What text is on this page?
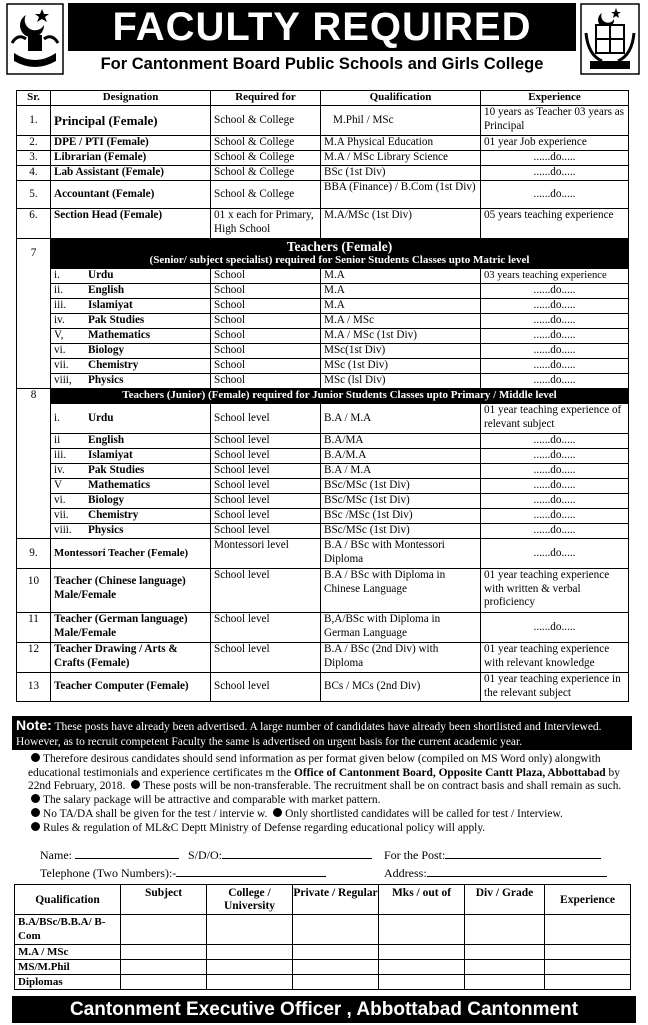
FACULTY REQUIRED
For Cantonment Board Public Schools and Girls College
Sr.	Designation	Required for	Qualification	Experience
1.	Principal (Female)	School & College	M.Phil / MSc	10 years as Teacher 03 years as Principal
2.	DPE / PTI (Female)	School & College	M.A Physical Education	01 year Job experience
3.	Librarian (Female)	School & College	M.A / MSc Library Science	......do.....
4.	Lab Assistant (Female)	School & College	BSc (1st Div)	......do.....
5.	Accountant (Female)	School & College	BBA (Finance) / B.Com (1st Div)	......do.....
6.	Section Head (Female)	01 x each for Primary, High School	M.A/MSc (1st Div)	05 years teaching experience
7	Teachers (Female)
(Senior/ subject specialist) required for Senior Students Classes upto Matric level			

	i. Urdu	School	M.A	03 years teaching experience
	ii. English	School	M.A	......do.....
	iii. Islamiyat	School	M.A	......do.....
	iv. Pak Studies	School	M.A / MSc	......do.....
	V, Mathematics	School	M.A / MSc (1st Div)	......do.....
	vi. Biology	School	MSc(1st Div)	......do.....
	vii. Chemistry	School	MSc (1st Div)	......do.....
	viii, Physics	School	MSc (lsl Div)	......do.....
8	Teachers (Junior) (Female) required for Junior Students Classes upto Primary / Middle level			

	i. Urdu	School level	B.A / M.A	01 year teaching experience of relevant subject
	ii English	School level	B.A/MA	......do.....
	iii. Islamiyat	School level	B.A/M.A	......do.....
	iv. Pak Studies	School level	B.A / M.A	......do.....
	V Mathematics	School level	BSc/MSc (1st Div)	......do.....
	vi. Biology	School level	BSc/MSc (1st Div)	......do.....
	vii. Chemistry	School level	BSc /MSc (1st Div)	......do.....
	viii. Physics	School level	BSc/MSc (1st Div)	......do.....
9.	Montessori Teacher (Female)	Montessori level	B.A / BSc with Montessori Diploma	......do.....
10	Teacher (Chinese language) Male/Female	School level	B.A / BSc with Diploma in Chinese Language	01 year teaching experience with written & verbal proficiency
11	Teacher (German language) Male/Female	School level	B,A/BSc with Diploma in German Language	......do.....
12	Teacher Drawing / Arts & Crafts (Female)	School level	B.A / BSc (2nd Div) with Diploma	01 year teaching experience with relevant knowledge
13	Teacher Computer (Female)	School level	BCs / MCs (2nd Div)	01 year teaching experience in the relevant subject
Note: These posts have already been advertised. A large number of candidates have already been shortlisted and Interviewed. However, as to recruit competent Faculty the same is advertised on urgent basis for the current academic year.
Therefore desirous candidates should send information as per format given below (compiled on MS Word only) alongwith educational testimonials and experience certificates m the Office of Cantonment Board, Opposite Cantt Plaza, Abbottabad by 22nd February, 2018. These posts will be non-transferable. The recruitment shall be on contract basis and shall remain as such. The salary package will be attractive and comparable with market pattern.
No TA/DA shall be given for the test / intervie w. Only shortlisted candidates will be called for test / Interview.
Rules & regulation of ML&C Deptt Ministry of Defense regarding educational policy will apply.
Name:	S/D/O:	For the Post:
Telephone (Two Numbers):-	Address:
Qualification	Subject	College / University	Private / Regular	Mks / out of	Div / Grade	Experience
B.A/BSc/B.B.A/ B-Com						
M.A / MSc						
MS/M.Phil						
Diplomas						
Cantonment Executive Officer , Abbottabad Cantonment
